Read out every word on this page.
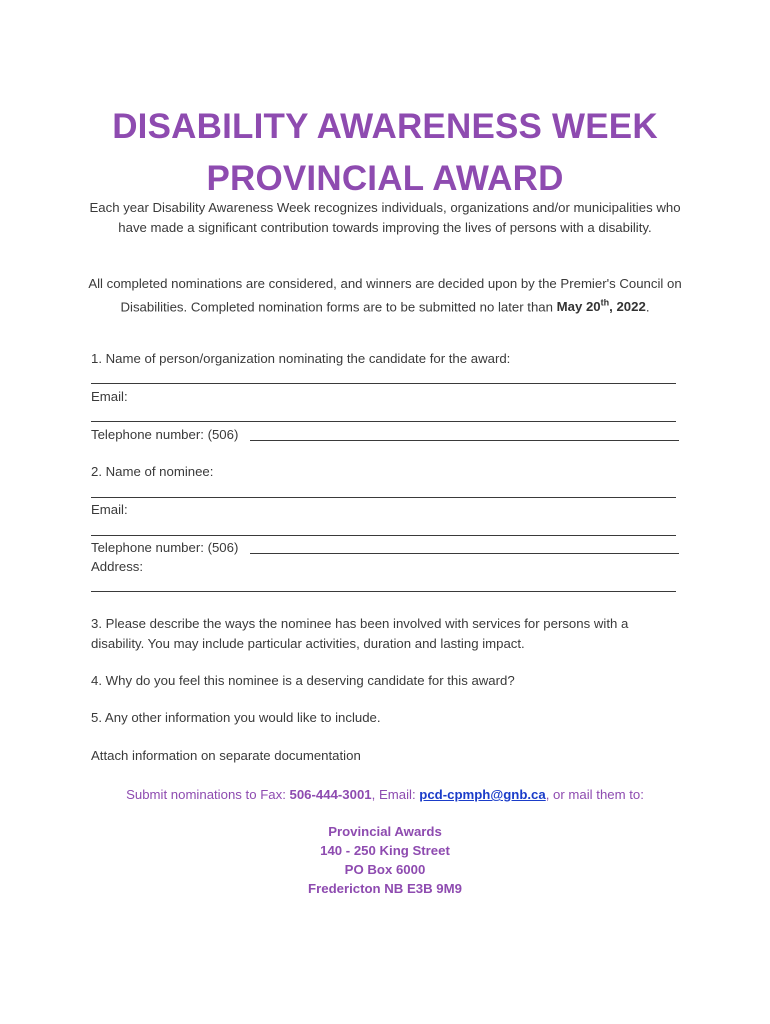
DISABILITY AWARENESS WEEK
PROVINCIAL AWARD
Each year Disability Awareness Week recognizes individuals, organizations and/or municipalities who have made a significant contribution towards improving the lives of persons with a disability.
All completed nominations are considered, and winners are decided upon by the Premier's Council on Disabilities. Completed nomination forms are to be submitted no later than May 20th, 2022.
1. Name of person/organization nominating the candidate for the award:
Email:
Telephone number: (506)
2. Name of nominee:
Email:
Telephone number: (506)
Address:
3. Please describe the ways the nominee has been involved with services for persons with a disability. You may include particular activities, duration and lasting impact.
4. Why do you feel this nominee is a deserving candidate for this award?
5. Any other information you would like to include.
Attach information on separate documentation
Submit nominations to Fax: 506-444-3001, Email: pcd-cpmph@gnb.ca, or mail them to:
Provincial Awards
140 - 250 King Street
PO Box 6000
Fredericton NB E3B 9M9
